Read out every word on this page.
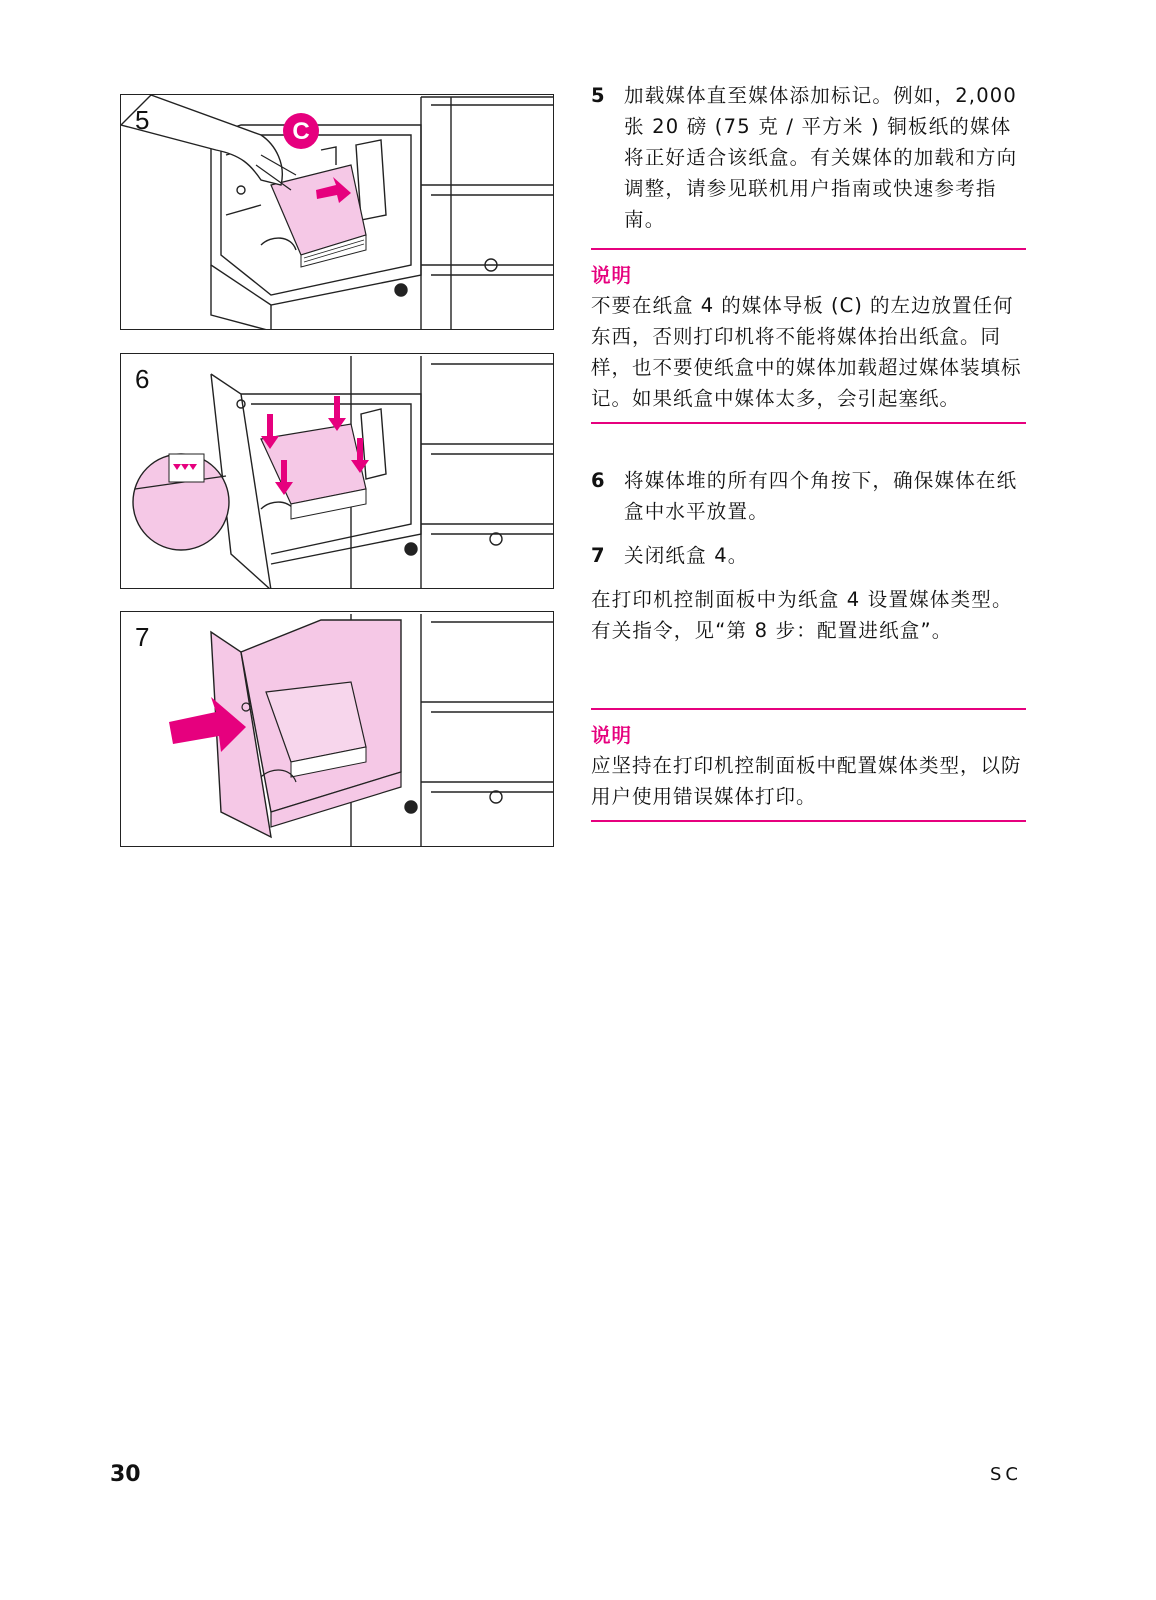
C
5
6
7
5 加载媒体直至媒体添加标记。例如，2,000 张 20 磅 (75 克 / 平方米 ) 铜板纸的媒体将正好适合该纸盒。有关媒体的加载和方向调整，请参见联机用户指南或快速参考指南。
说明
不要在纸盒 4 的媒体导板 (C) 的左边放置任何东西，否则打印机将不能将媒体抬出纸盒。同样，也不要使纸盒中的媒体加载超过媒体装填标记。如果纸盒中媒体太多，会引起塞纸。
6 将媒体堆的所有四个角按下，确保媒体在纸盒中水平放置。
7 关闭纸盒 4。
在打印机控制面板中为纸盒 4 设置媒体类型。有关指令，见“第 8 步：配置进纸盒”。
说明
应坚持在打印机控制面板中配置媒体类型，以防用户使用错误媒体打印。
30	SC
